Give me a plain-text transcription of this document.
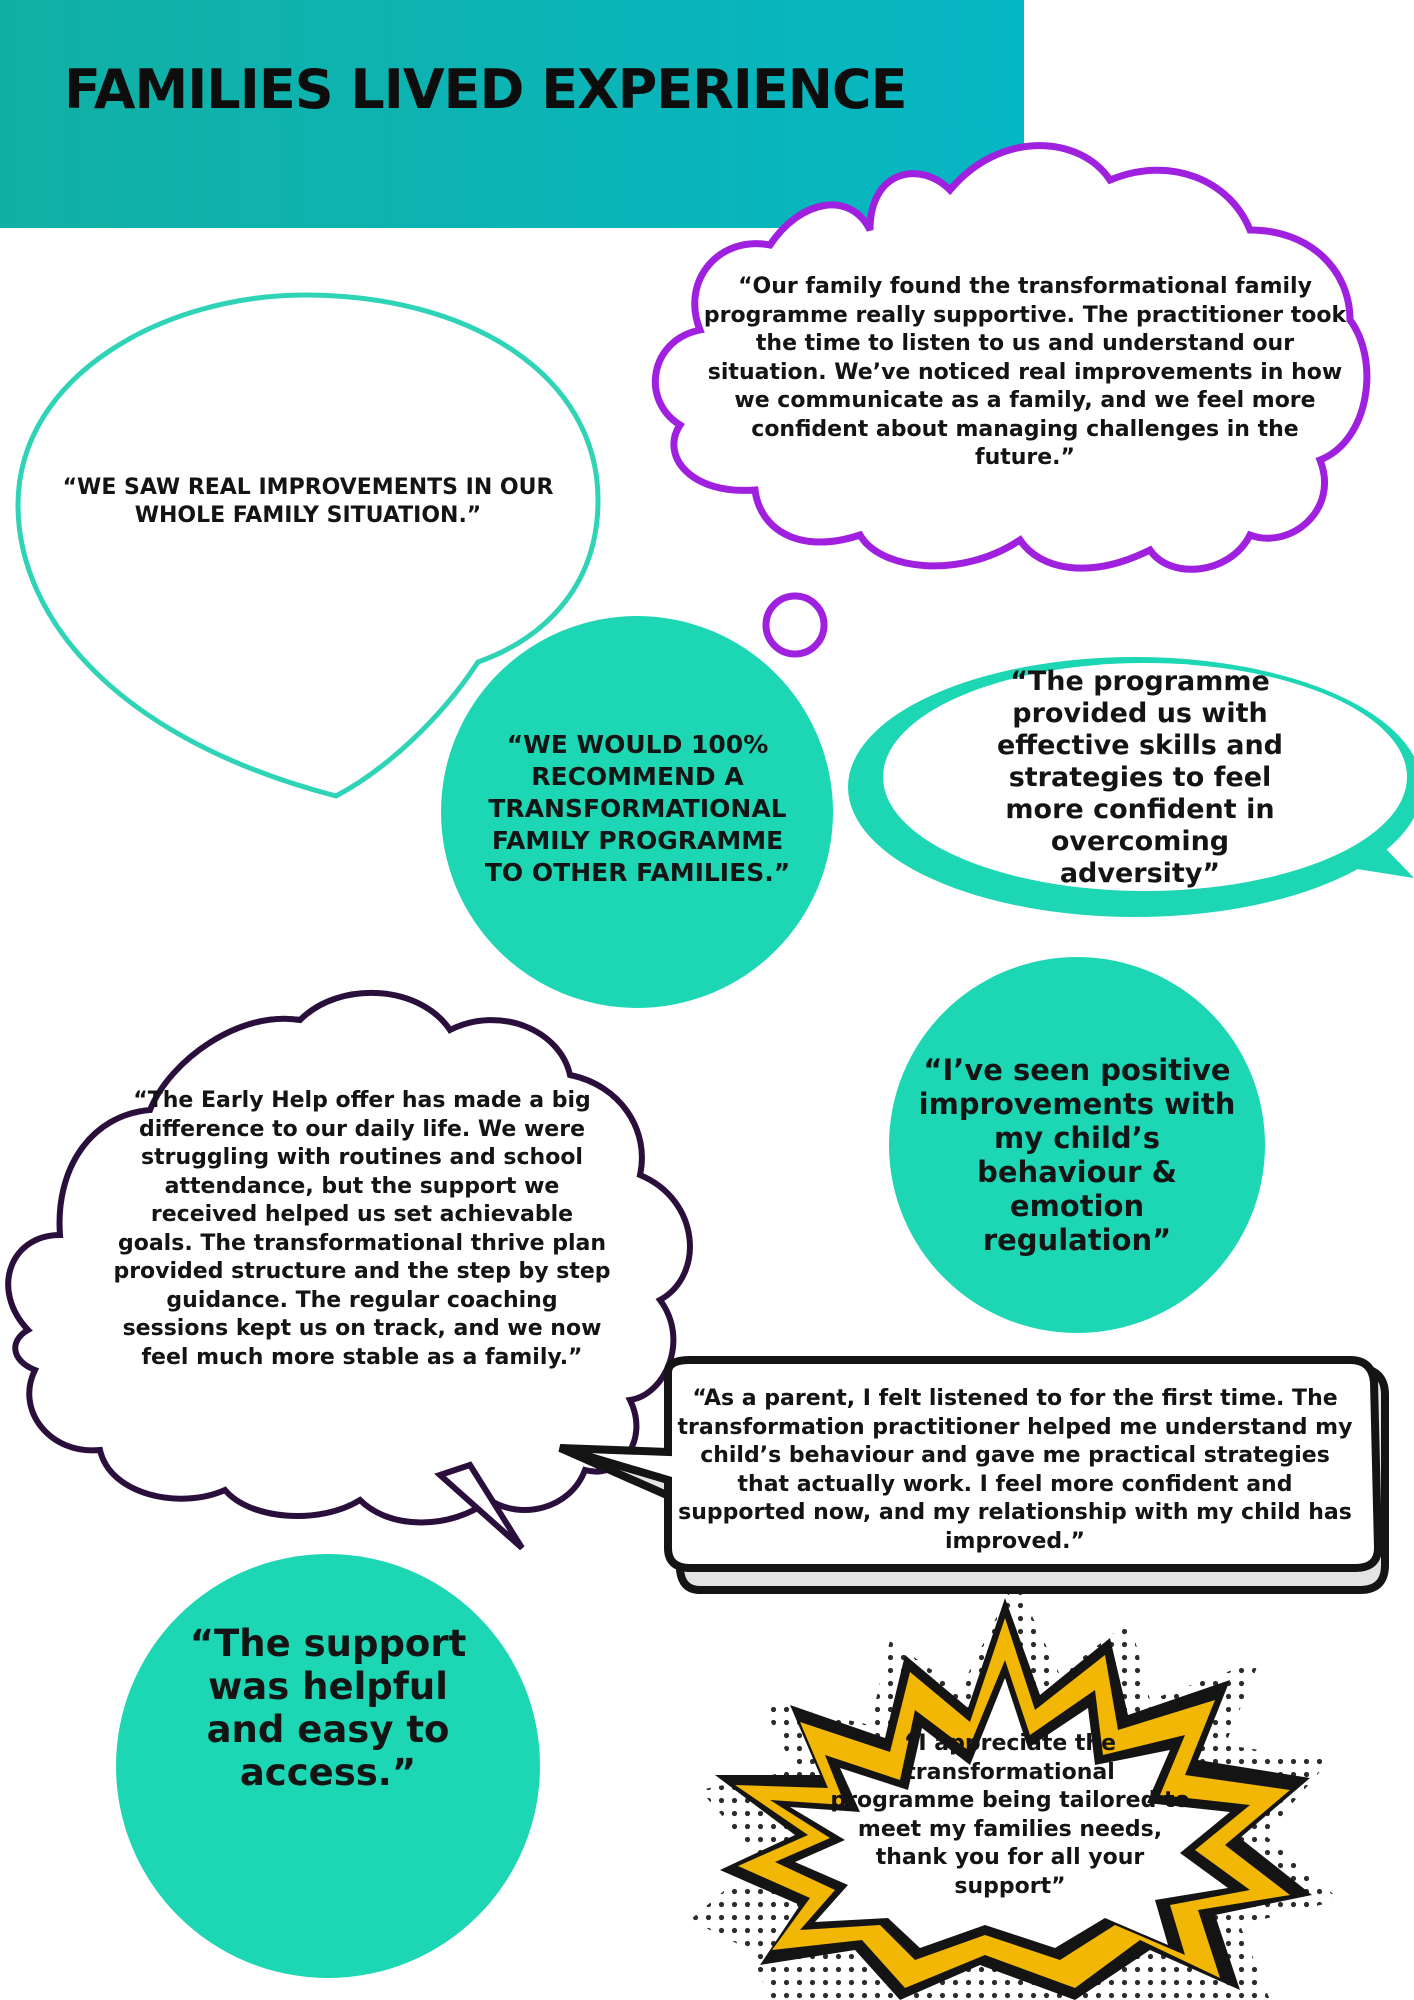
FAMILIES LIVED EXPERIENCE

“WE SAW REAL IMPROVEMENTS IN OUR WHOLE FAMILY SITUATION.”

“Our family found the transformational family programme really supportive. The practitioner took the time to listen to us and understand our situation. We’ve noticed real improvements in how we communicate as a family, and we feel more confident about managing challenges in the future.”

“WE WOULD 100% RECOMMEND A TRANSFORMATIONAL FAMILY PROGRAMME TO OTHER FAMILIES.”

“The programme provided us with effective skills and strategies to feel more confident in overcoming adversity”

“The Early Help offer has made a big difference to our daily life. We were struggling with routines and school attendance, but the support we received helped us set achievable goals. The transformational thrive plan provided structure and the step by step guidance. The regular coaching sessions kept us on track, and we now feel much more stable as a family.”

“I’ve seen positive improvements with my child’s behaviour & emotion regulation”

“As a parent, I felt listened to for the first time. The transformation practitioner helped me understand my child’s behaviour and gave me practical strategies that actually work. I feel more confident and supported now, and my relationship with my child has improved.”

“The support was helpful and easy to access.”

“I appreciate the transformational programme being tailored to meet my families needs, thank you for all your support”
